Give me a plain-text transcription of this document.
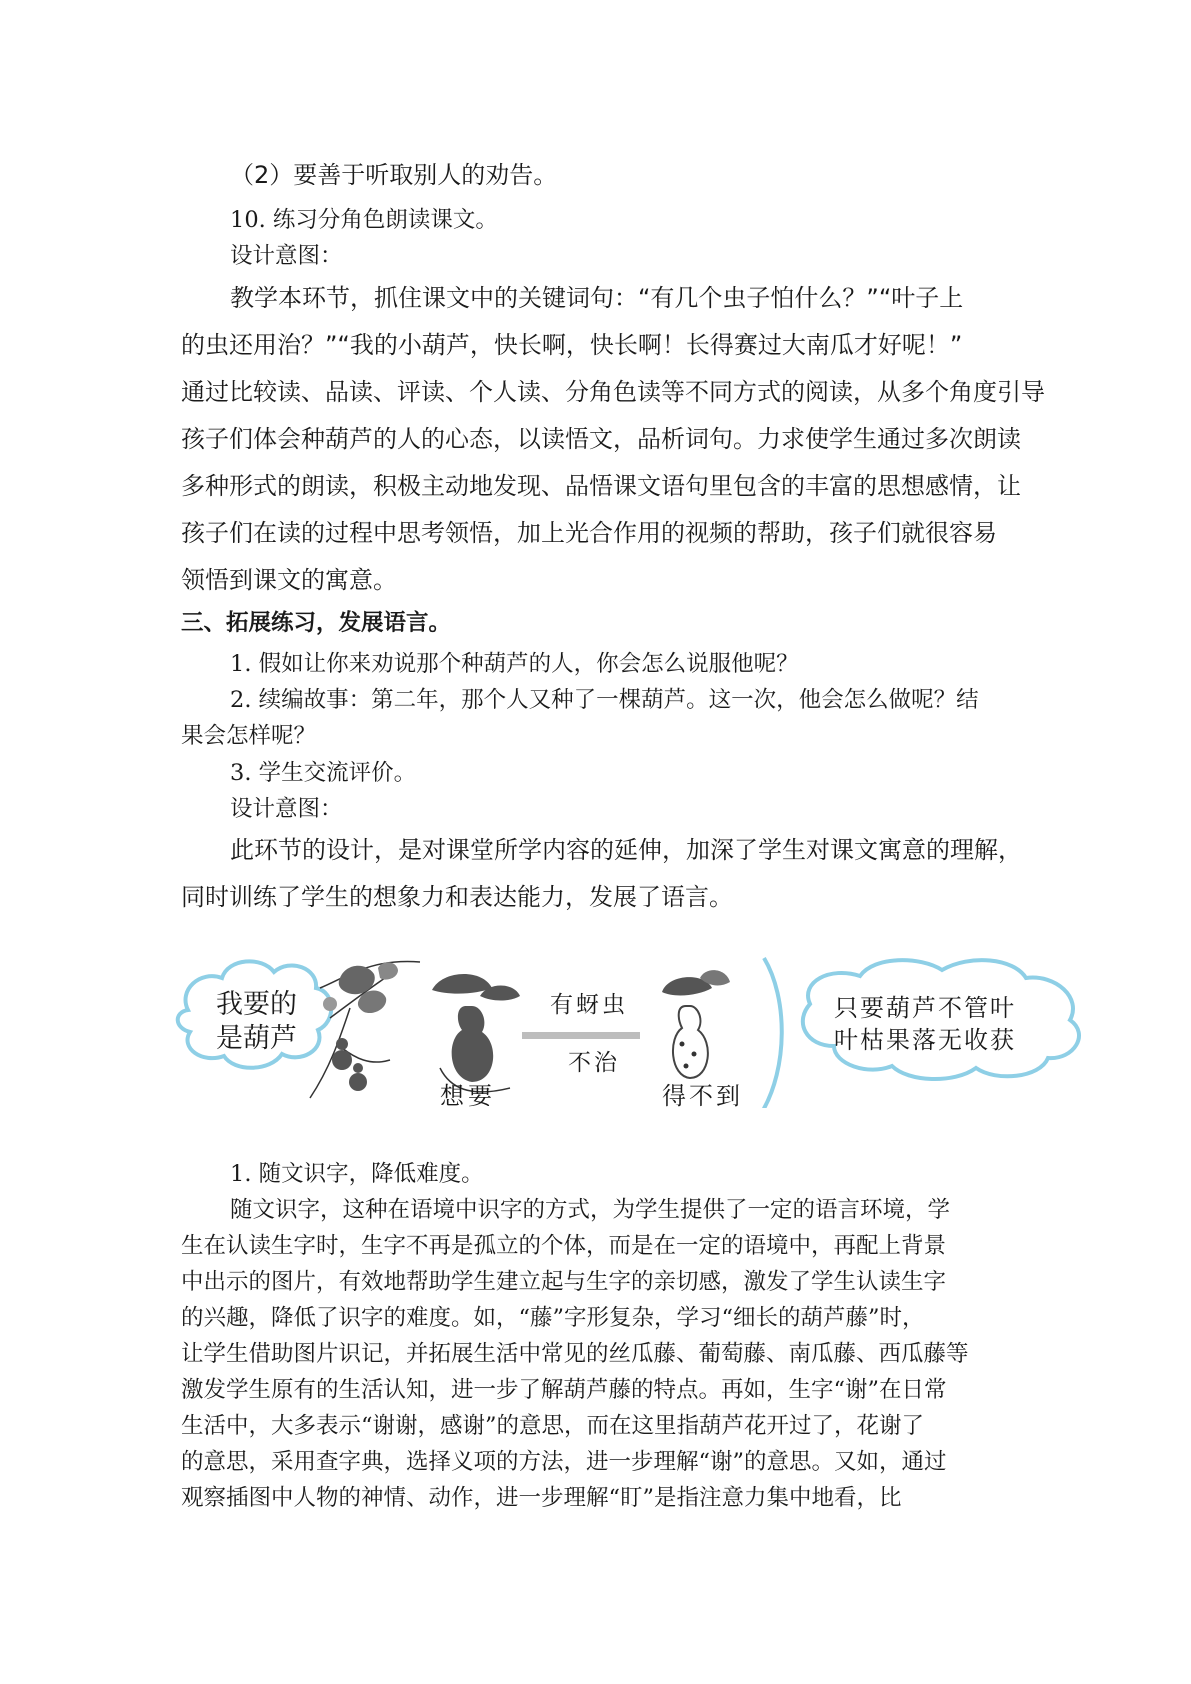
（2）要善于听取别人的劝告。
10. 练习分角色朗读课文。
设计意图：
教学本环节，抓住课文中的关键词句：“有几个虫子怕什么？”“叶子上
的虫还用治？”“我的小葫芦，快长啊，快长啊！长得赛过大南瓜才好呢！”
通过比较读、品读、评读、个人读、分角色读等不同方式的阅读，从多个角度引导
孩子们体会种葫芦的人的心态，以读悟文，品析词句。力求使学生通过多次朗读
多种形式的朗读，积极主动地发现、品悟课文语句里包含的丰富的思想感情，让
孩子们在读的过程中思考领悟，加上光合作用的视频的帮助，孩子们就很容易
领悟到课文的寓意。
三、拓展练习，发展语言。
1. 假如让你来劝说那个种葫芦的人，你会怎么说服他呢？
2. 续编故事：第二年，那个人又种了一棵葫芦。这一次，他会怎么做呢？结
果会怎样呢？
3. 学生交流评价。
设计意图：
此环节的设计，是对课堂所学内容的延伸，加深了学生对课文寓意的理解，
同时训练了学生的想象力和表达能力，发展了语言。
我要的
是葫芦
想要
有蚜虫
不治
得不到
只要葫芦不管叶
叶枯果落无收获
1. 随文识字，降低难度。
随文识字，这种在语境中识字的方式，为学生提供了一定的语言环境，学
生在认读生字时，生字不再是孤立的个体，而是在一定的语境中，再配上背景
中出示的图片，有效地帮助学生建立起与生字的亲切感，激发了学生认读生字
的兴趣，降低了识字的难度。如，“藤”字形复杂，学习“细长的葫芦藤”时，
让学生借助图片识记，并拓展生活中常见的丝瓜藤、葡萄藤、南瓜藤、西瓜藤等
激发学生原有的生活认知，进一步了解葫芦藤的特点。再如，生字“谢”在日常
生活中，大多表示“谢谢，感谢”的意思，而在这里指葫芦花开过了，花谢了
的意思，采用查字典，选择义项的方法，进一步理解“谢”的意思。又如，通过
观察插图中人物的神情、动作，进一步理解“盯”是指注意力集中地看，比
